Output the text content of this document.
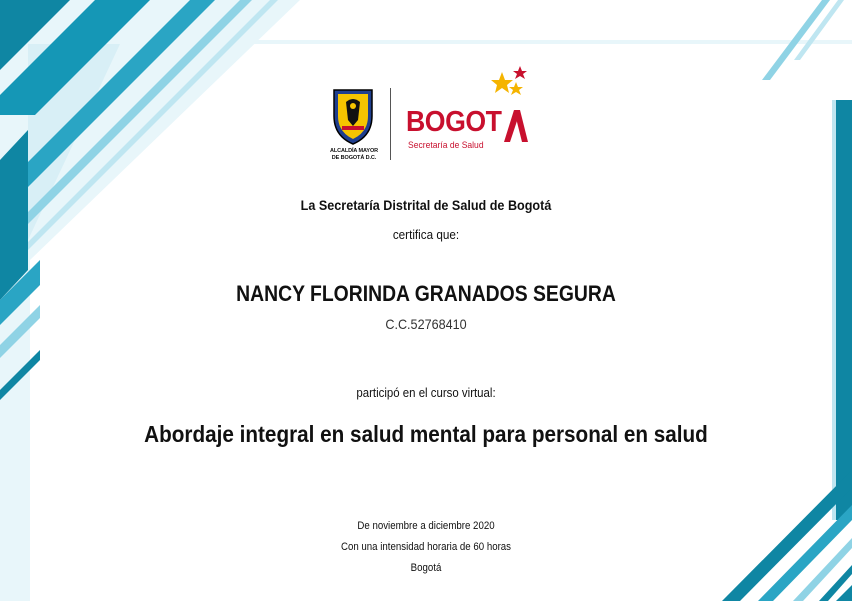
ALCALDÍA MAYOR
DE BOGOTÁ D.C.
BOGOT
Secretaría de Salud
La Secretaría Distrital de Salud de Bogotá
certifica que:
NANCY FLORINDA GRANADOS SEGURA
C.C.52768410
participó en el curso virtual:
Abordaje integral en salud mental para personal en salud
De noviembre a diciembre 2020
Con una intensidad horaria de 60 horas
Bogotá
